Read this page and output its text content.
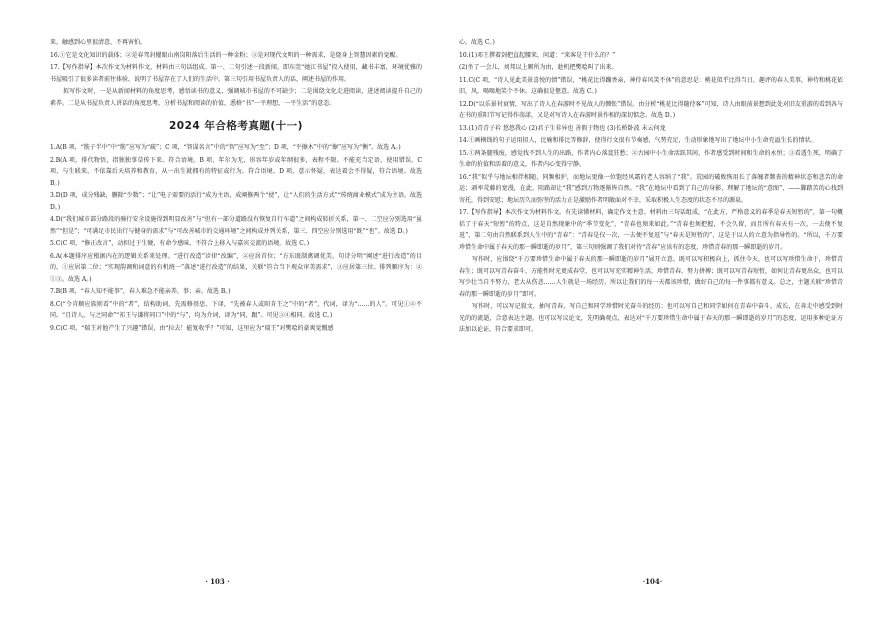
来，触感到心里很清意，不再害怕。

16.①它是文化知识的载体；②是春驾封擢眼山南岗阳落后生活的一种金粉；③是对现代文明的一种需求，是烧身上智慧因素的觉醒。

17.【写作指导】本次作文为材料作文，材料由三句话组成。第一、二句引述一段新闻，即东莞“她江书屋”投入使用，藏书丰富，环境优雅的书屋吸引了很多读者前往体验，说明了书屋存在了人们的生活中。第三句引用书屋负责人的话，阐述书屋的作用。

拟写作文时，一是从新闻材料的角度思考，感悟读书的意义，强调城市书屋的不可缺少；二是围绕文化走进阅读，进述阅读提升自己的素养。二是从书屋负责人讲话的角度思考，分析书屋和阅读的价值，悉格“书”一平理想，一平生活”的意态。

2024 年合格考真题(十一)

1.A(B 项，“筋子半中”中“筋”应写为“疏”；C 项，“智谋名言”中的“智”应写为“至”；D 项，“平擦木”中的“擦”应写为“衡”。故选 A。)

2.B(A 项，排代物悟，指独独事草传下来。符合语境。B 项，年尔为无，形容年岁或年纲很多，表程不限。不能充当定语，使用错误。C 项，与生联来，不依靠后天培养和教育，从一出生就拥有的特征或行为。符合语境。D 项，意示怀疑，表达着会不得疑，符合语境。故选 B。)

3.D(D 项，成分残缺，删除“少数”；“让”电子需要的活行“成为主语，成阐修两个“使”，让“人们的生活方式”“传统商业模式”成为主语。故选 D。)

4.D(“我们城市部分路段的骑行安全设施得到明显改善”与“但有一部分道路没有恢复自行车道”之间构成转折关系，第一、二空应分别选用“虽然”“但是”；“可满足市民出行与健身的需求”与“可改善城市的交通环境”之间构成并列关系，第三、四空应分别选用“既”“也”。故选 D。)

5.C(C 项，“修正改言”，动担过于生硬，有命令感味，不符合上移入与嘉宾交流的语境。故选 C。)

6.A(本题排序应根据内在的逻辑关系来处理。“进行改造”诊律“改编”，②应居首位；“方东既制禽调优美，句诗分明“阐述“进行改造”的目的，①应居第二位；“实现韵调和词意的有机统一”落述“进行改造”的结果，关联“符合当下观众审美需求”，③应居第三位。排列顺序为：②①③。故选 A。)

7.B(B 项，“春人知不能事”，春人难急不能亲养，事；亲。故选 B。)

8.C(“令肯顺应族则看”中的“者”，结构助词，先需修基思，下译，“先被春人或阳肯王之”中的“者”，代词，译为“……的人”。可见①④不同。“且诗人，与之同命”“祁王与谦将同口”中的“与”，均为介词，译为“同，跟”。可见③④相同。故选 C。)

9.C(C 项，“瑞王对他产生了兴趣”错误，由“拉去！能复收乎？”可知，这里应为“瑞王”对樊哙的豪爽觉慨感

· 103 ·

心。故选 C。)

10.(1)邓王撰着剑把直起腰来，问道：“来客是干什么的？”

(2)坐了一会儿，刘邦以上厕所为由，趁机把樊哙叫了出来。

11.C(C 项，“诗人见此美景喜悦的情”错误，“桃花比得蹦香亲，神侍春风笑不休”的意思是：桃花似乎比得当日，趣评的春人美事，神侍和桃花依旧，风，喝喝地笑个不休。这确很是惬意。故选 C。)

12.D(“以乐景衬衰情，写出了诗人在春游时不见故人的惆怅”错误。由分析“桃花比得随待客”可知，诗人由眼前景想到此处对旧友重游的看到各与在书的重阳节写记得作荡漾，又是对写诗人在春游时景作相的深切惦念。故选 D。)

13.(1)青青子衿 悠悠我心 (2)君子生非异也 善假于物也 (3)长桥卧波 未云何龙

14.①画横线的句子运用拟人，比喻和排比等修辞，使得行文很有节奏感，气势充足，生动形象地写出了地坛中小生命充溢生长的情状。

15.①两条腿残废，感觉找不到人生的出路，作者内心落寞狂愁；②古园中小生命活跃其间，作者感受到时间和生命的永恒；③看透生死，明确了生命的价值和活着的意义，作者内心变得宁静。

16.“我”似乎与地坛相伴相随，同频相护，而地坛更像一位饱经风霜的老人容纳了“我”。荒园的破败恢用长了落魄者颓丧的精神状态和悲苦的命运；剥率荒藤的宽漫，在此，阻路却让“我”感到万物逐渐皆自然。“我”在地坛中看到了自己的身影，理解了地坛的“意图”，——脚踏苦的心找到寄托，得到安慰；地坛历久而弥坚的活力正是激励作者明敞面对不幸，采取积极人生态度的状态不尽的源泉。

17.【写作指导】本次作文为材料作文。有先读懂材料，确定作文主意。材料由三句话组成，“在此方，严格意义的春季是春天短暂的”，第一句概括了于春天“短暂”的特点，这是自然现象中的“季节变化”，“青春也须来如此。”“青春也须把握，不会久留，而且所有春天有一次，一去便不复返”，第二句由自然联系到人生中的“青春”：“青春是仅一次，一去便不复返”与“春天是短暂的”，这是于以人的立意为指导性的。“所以，千万要珍惜生命中属于春天的那一瞬即逝的岁月”，第三句则强调了我们对待“青春”应该有的态度，珍惜青春的那一瞬即逝的岁月。

写作时，应围绕“千万要珍惜生命中属于春天的那一瞬即逝的岁月”展开立意。既可以写积极向上，抓住今天，也可以写珍惜生命于，珍惜青春生；既可以写青春奋斗，方能性时光更成春堂，也可以写充实精神生活，珍惜青春，努力拼搏；既可以写青春短暂，如何让青春更出众，也可以写少壮当自不努力，老大从伤悲……人生就是一场经历，所以让我们的每一天都该珍惜，做好自己的每一件事都有意义。总之，主题关联“珍惜青春的那一瞬即逝的岁月”即可。

写作时，可以写记叙文，抽写青春，写自己和同学珍惜时光奋斗的经历；也可以写自己和同学如何在青春中奋斗，成长，在奔走中感受到时光的的流逝，合意表达主题。也可以写议论文，先明确观点，表达对“千万要珍惜生命中属于春天的那一瞬即逝的岁月”的态度，运用多种论证方法加以论证，符合要求即可。

·104·
